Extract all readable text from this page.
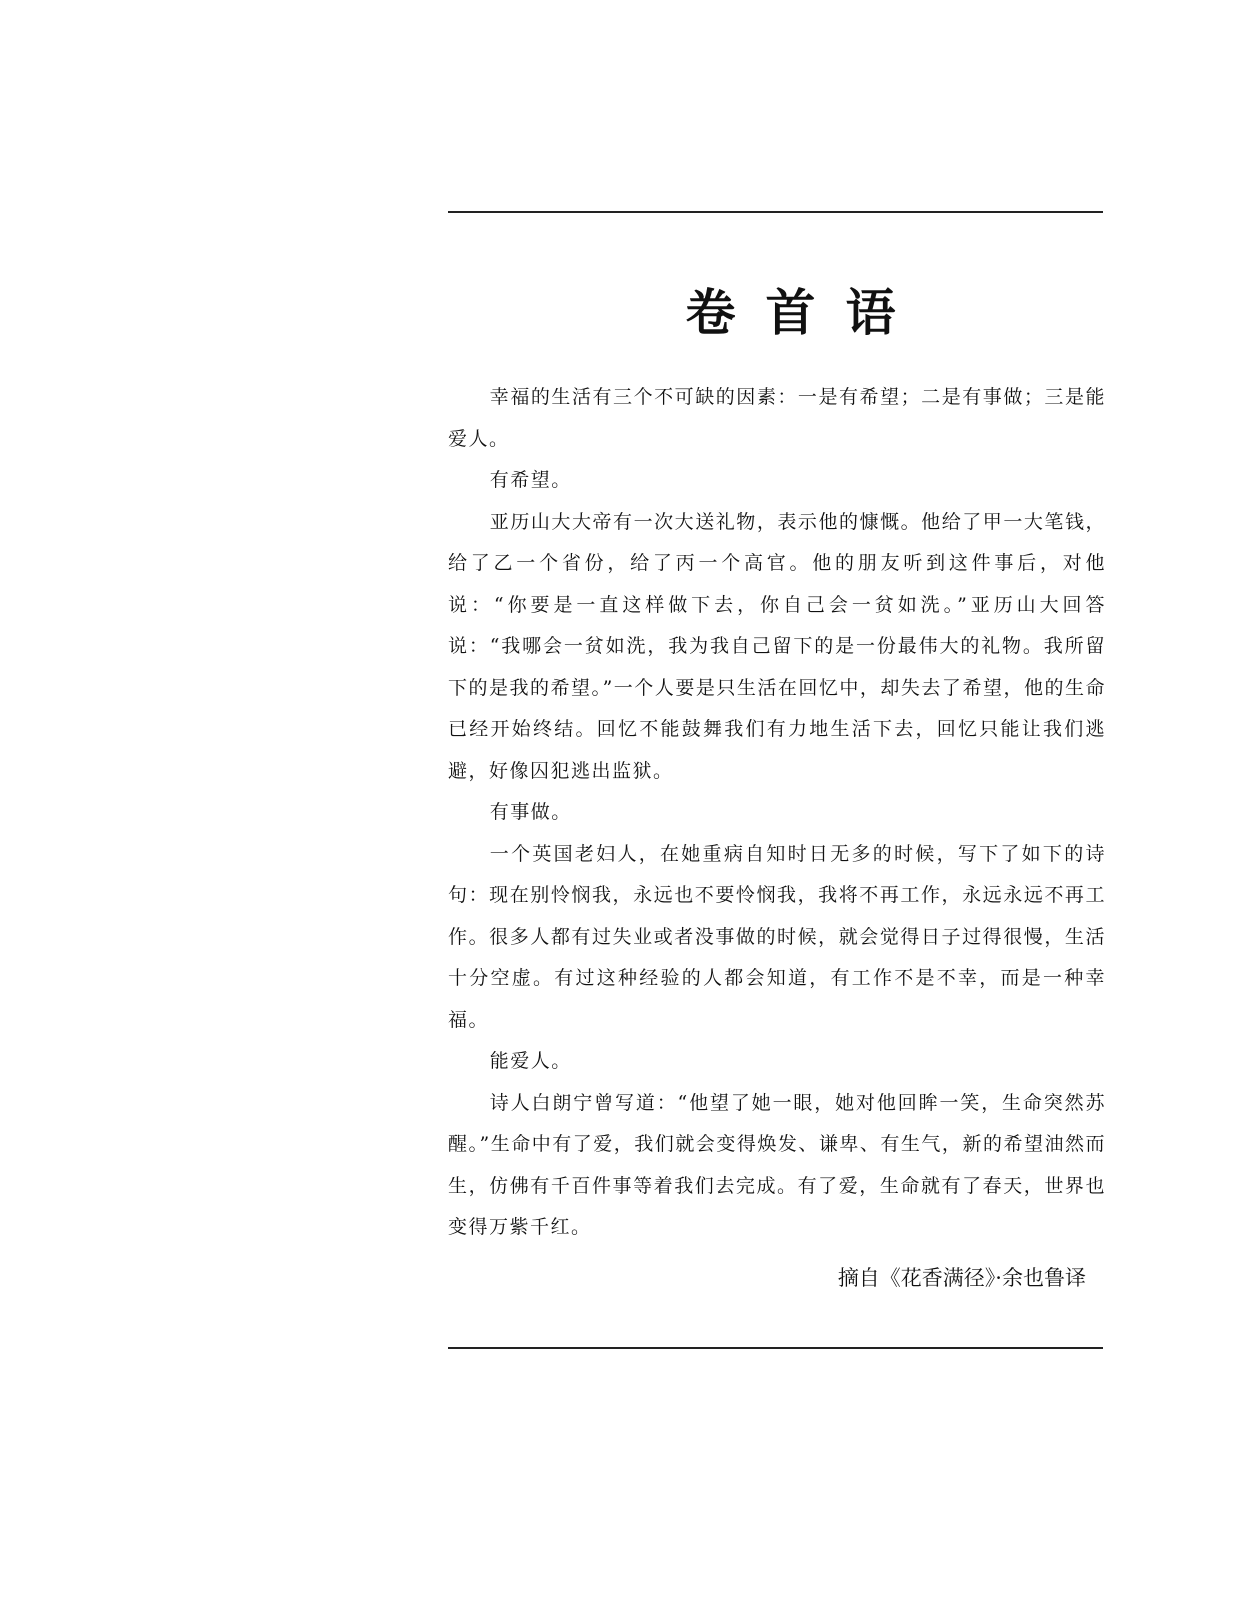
卷首语

幸福的生活有三个不可缺的因素：一是有希望；二是有事做；三是能爱人。

有希望。

亚历山大大帝有一次大送礼物，表示他的慷慨。他给了甲一大笔钱，给了乙一个省份，给了丙一个高官。他的朋友听到这件事后，对他说：“你要是一直这样做下去，你自己会一贫如洗。”亚历山大回答说：“我哪会一贫如洗，我为我自己留下的是一份最伟大的礼物。我所留下的是我的希望。”一个人要是只生活在回忆中，却失去了希望，他的生命已经开始终结。回忆不能鼓舞我们有力地生活下去，回忆只能让我们逃避，好像囚犯逃出监狱。

有事做。

一个英国老妇人，在她重病自知时日无多的时候，写下了如下的诗句：现在别怜悯我，永远也不要怜悯我，我将不再工作，永远永远不再工作。很多人都有过失业或者没事做的时候，就会觉得日子过得很慢，生活十分空虚。有过这种经验的人都会知道，有工作不是不幸，而是一种幸福。

能爱人。

诗人白朗宁曾写道：“他望了她一眼，她对他回眸一笑，生命突然苏醒。”生命中有了爱，我们就会变得焕发、谦卑、有生气，新的希望油然而生，仿佛有千百件事等着我们去完成。有了爱，生命就有了春天，世界也变得万紫千红。

摘自《花香满径》·余也鲁译
